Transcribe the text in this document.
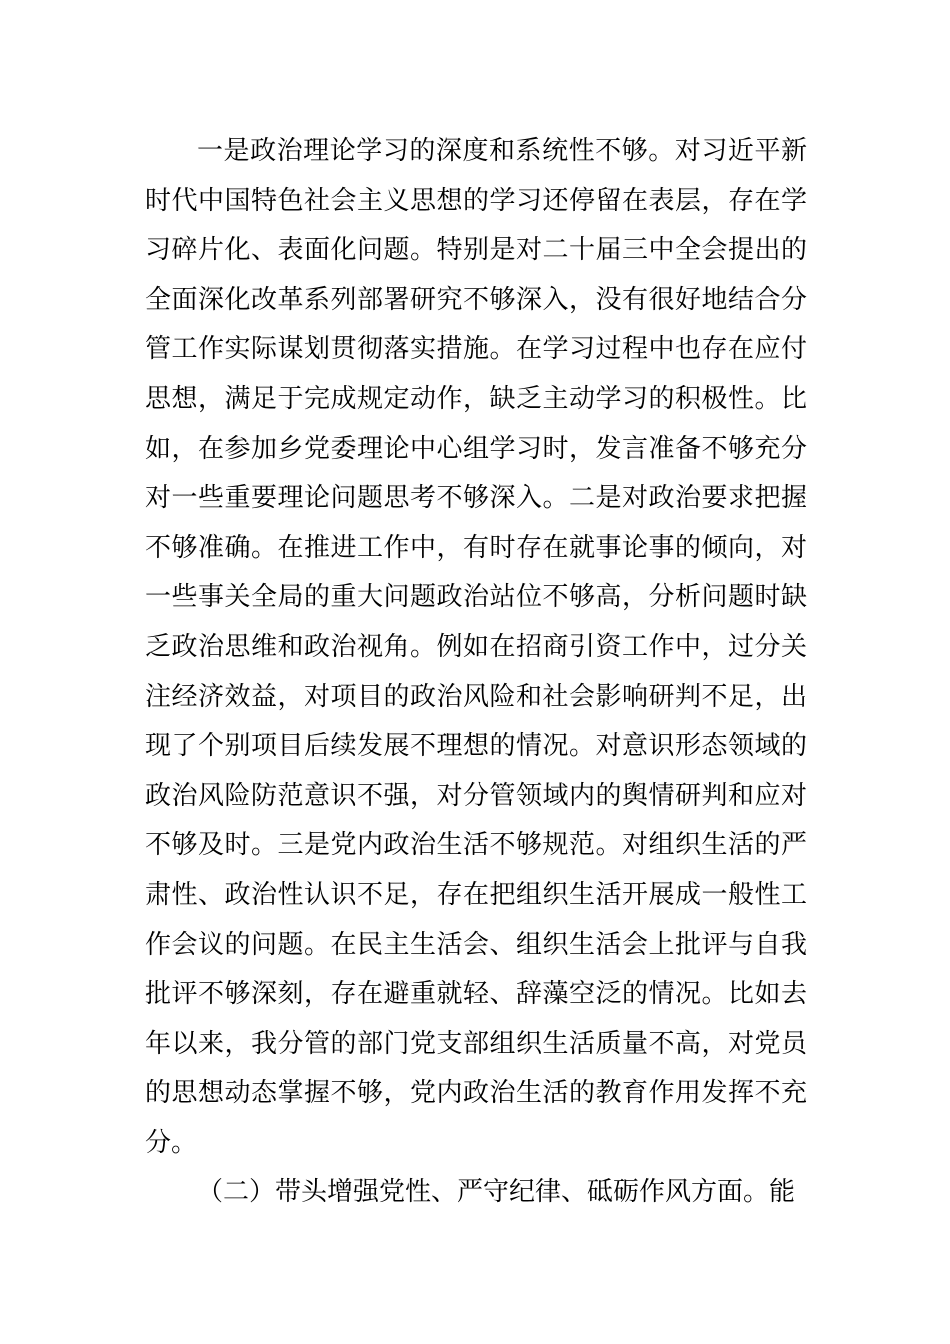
一是政治理论学习的深度和系统性不够。对习近平新时代中国特色社会主义思想的学习还停留在表层，存在学习碎片化、表面化问题。特别是对二十届三中全会提出的全面深化改革系列部署研究不够深入，没有很好地结合分管工作实际谋划贯彻落实措施。在学习过程中也存在应付思想，满足于完成规定动作，缺乏主动学习的积极性。比如，在参加乡党委理论中心组学习时，发言准备不够充分对一些重要理论问题思考不够深入。二是对政治要求把握不够准确。在推进工作中，有时存在就事论事的倾向，对一些事关全局的重大问题政治站位不够高，分析问题时缺乏政治思维和政治视角。例如在招商引资工作中，过分关注经济效益，对项目的政治风险和社会影响研判不足，出现了个别项目后续发展不理想的情况。对意识形态领域的政治风险防范意识不强，对分管领域内的舆情研判和应对不够及时。三是党内政治生活不够规范。对组织生活的严肃性、政治性认识不足，存在把组织生活开展成一般性工作会议的问题。在民主生活会、组织生活会上批评与自我批评不够深刻，存在避重就轻、辞藻空泛的情况。比如去年以来，我分管的部门党支部组织生活质量不高，对党员的思想动态掌握不够，党内政治生活的教育作用发挥不充分。

（二）带头增强党性、严守纪律、砥砺作风方面。能
